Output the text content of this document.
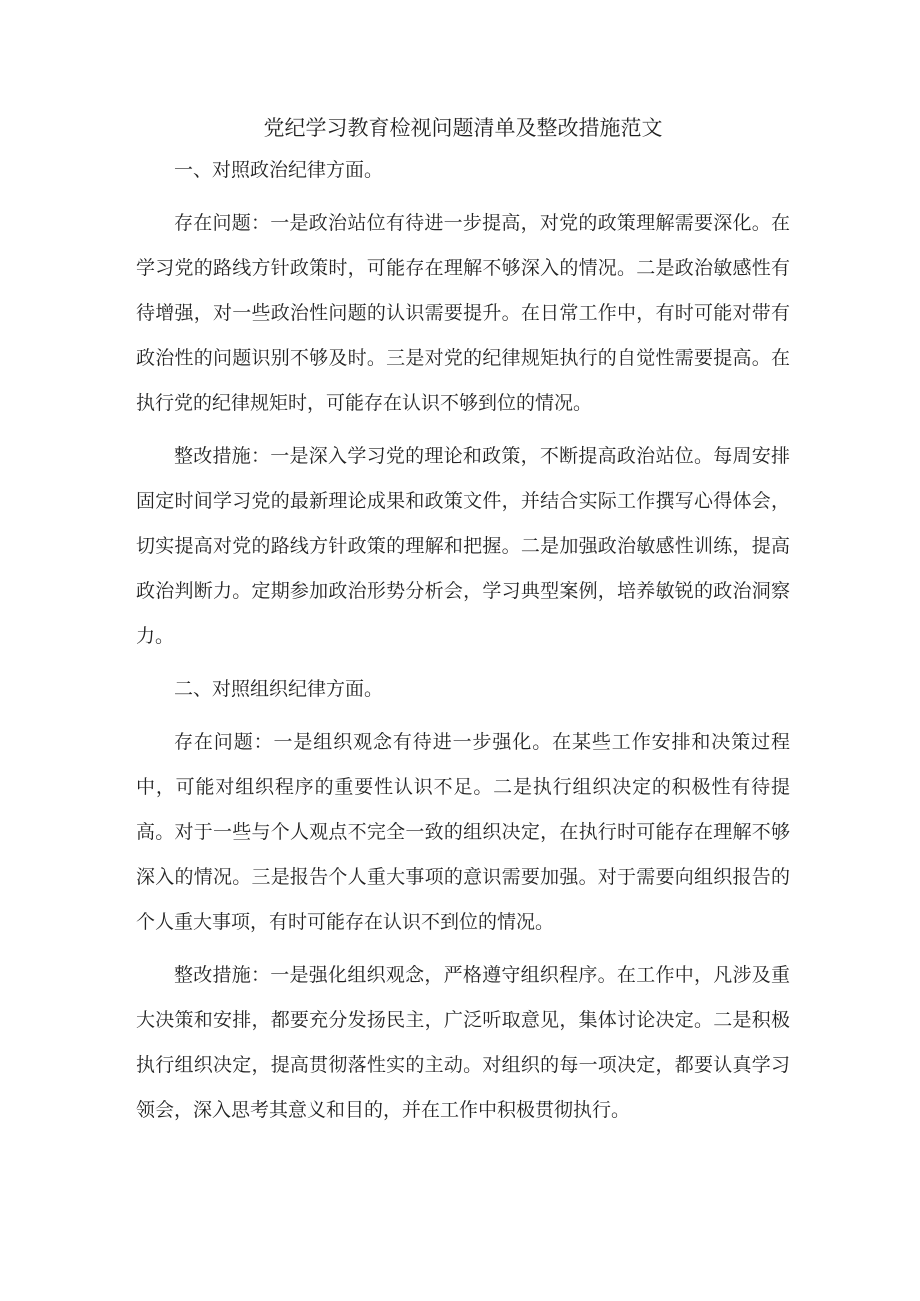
党纪学习教育检视问题清单及整改措施范文

一、对照政治纪律方面。

存在问题：一是政治站位有待进一步提高，对党的政策理解需要深化。在学习党的路线方针政策时，可能存在理解不够深入的情况。二是政治敏感性有待增强，对一些政治性问题的认识需要提升。在日常工作中，有时可能对带有政治性的问题识别不够及时。三是对党的纪律规矩执行的自觉性需要提高。在执行党的纪律规矩时，可能存在认识不够到位的情况。

整改措施：一是深入学习党的理论和政策，不断提高政治站位。每周安排固定时间学习党的最新理论成果和政策文件，并结合实际工作撰写心得体会，切实提高对党的路线方针政策的理解和把握。二是加强政治敏感性训练，提高政治判断力。定期参加政治形势分析会，学习典型案例，培养敏锐的政治洞察力。

二、对照组织纪律方面。

存在问题：一是组织观念有待进一步强化。在某些工作安排和决策过程中，可能对组织程序的重要性认识不足。二是执行组织决定的积极性有待提高。对于一些与个人观点不完全一致的组织决定，在执行时可能存在理解不够深入的情况。三是报告个人重大事项的意识需要加强。对于需要向组织报告的个人重大事项，有时可能存在认识不到位的情况。

整改措施：一是强化组织观念，严格遵守组织程序。在工作中，凡涉及重大决策和安排，都要充分发扬民主，广泛听取意见，集体讨论决定。二是积极执行组织决定，提高贯彻落性实的主动。对组织的每一项决定，都要认真学习领会，深入思考其意义和目的，并在工作中积极贯彻执行。
